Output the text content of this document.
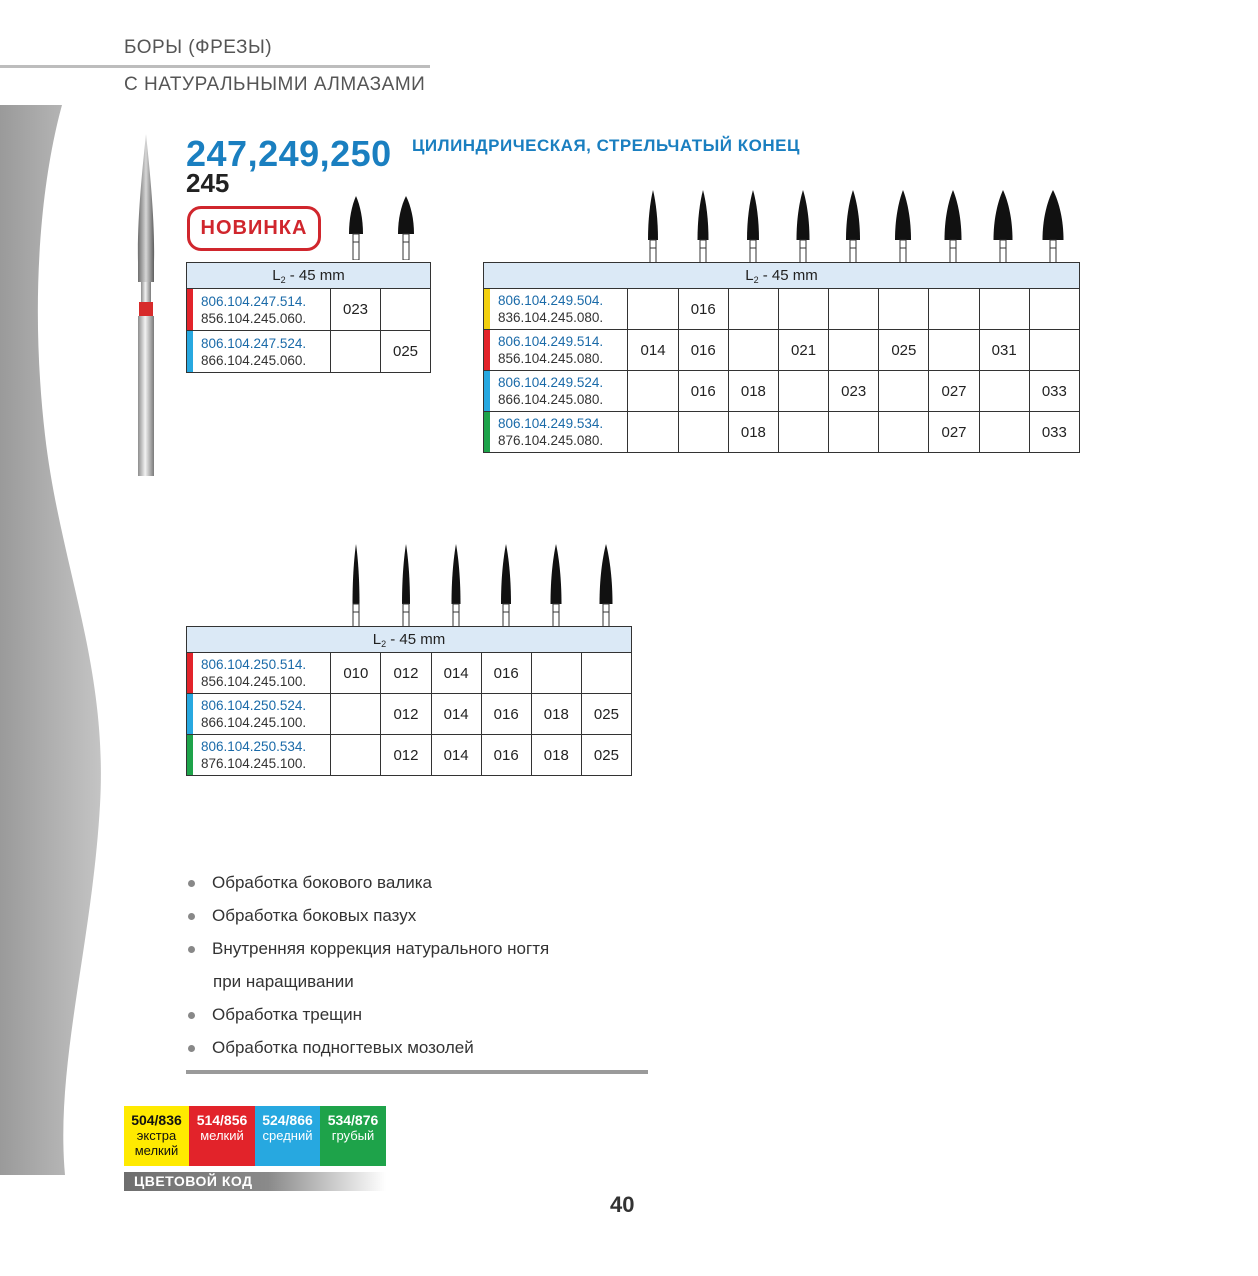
БОРЫ (ФРЕЗЫ)
С НАТУРАЛЬНЫМИ АЛМАЗАМИ
247,249,250
245
ЦИЛИНДРИЧЕСКАЯ, СТРЕЛЬЧАТЫЙ КОНЕЦ
НОВИНКА
$L_2 - 45$ mm		

806.104.247.514.
856.104.245.060.	023	

806.104.247.524.
866.104.245.060.		025
$L_2 - 45$ mm									

806.104.249.504.
836.104.245.080.		016							

806.104.249.514.
856.104.245.080.	014	016		021		025		031	

806.104.249.524.
866.104.245.080.		016	018		023		027		033

806.104.249.534.
876.104.245.080.			018				027		033
$L_2 - 45$ mm						

806.104.250.514.
856.104.245.100.	010	012	014	016		

806.104.250.524.
866.104.245.100.		012	014	016	018	025

806.104.250.534.
876.104.245.100.		012	014	016	018	025
Обработка бокового валика
Обработка боковых пазух
Внутренняя коррекция натурального ногтя
при наращивании
Обработка трещин
Обработка подногтевых мозолей
504/836
экстра
мелкий
514/856
мелкий
524/866
средний
534/876
грубый
ЦВЕТОВОЙ КОД
40
